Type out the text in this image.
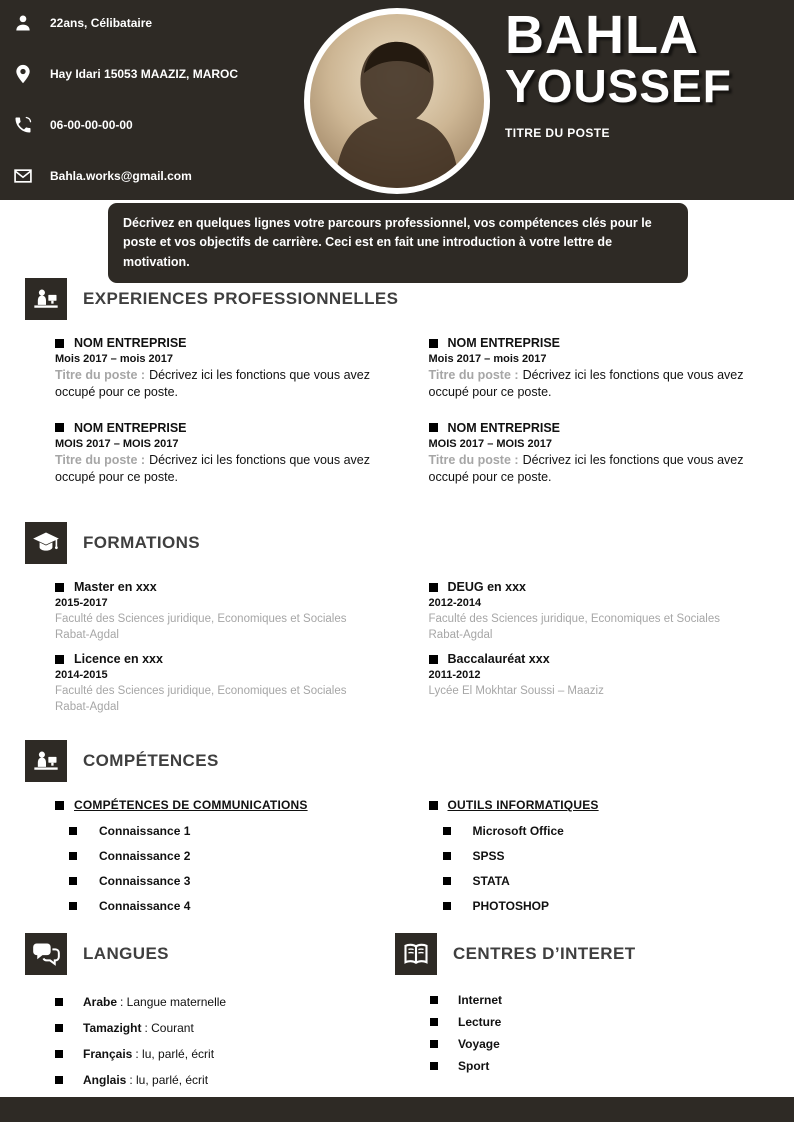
22ans, Célibataire
Hay Idari 15053 MAAZIZ, MAROC
06-00-00-00-00
Bahla.works@gmail.com
BAHLA
YOUSSEF
TITRE DU POSTE
Décrivez en quelques lignes votre parcours professionnel, vos compétences clés pour le poste et vos objectifs de carrière. Ceci est en fait une introduction à votre lettre de motivation.
EXPERIENCES PROFESSIONNELLES
NOM ENTREPRISE
Mois 2017 – mois 2017
Titre du poste : Décrivez ici les fonctions que vous avez occupé pour ce poste.
NOM ENTREPRISE
MOIS 2017 – MOIS 2017
Titre du poste : Décrivez ici les fonctions que vous avez occupé pour ce poste.
NOM ENTREPRISE
Mois 2017 – mois 2017
Titre du poste : Décrivez ici les fonctions que vous avez occupé pour ce poste.
NOM ENTREPRISE
MOIS 2017 – MOIS 2017
Titre du poste : Décrivez ici les fonctions que vous avez occupé pour ce poste.
FORMATIONS
Master en xxx
2015-2017
Faculté des Sciences juridique, Economiques et Sociales Rabat-Agdal
Licence en xxx
2014-2015
Faculté des Sciences juridique, Economiques et Sociales Rabat-Agdal
DEUG en xxx
2012-2014
Faculté des Sciences juridique, Economiques et Sociales Rabat-Agdal
Baccalauréat xxx
2011-2012
Lycée El Mokhtar Soussi – Maaziz
COMPÉTENCES
COMPÉTENCES DE COMMUNICATIONS
Connaissance 1
Connaissance 2
Connaissance 3
Connaissance 4
OUTILS INFORMATIQUES
Microsoft Office
SPSS
STATA
PHOTOSHOP
LANGUES
Arabe : Langue maternelle
Tamazight : Courant
Français : lu, parlé, écrit
Anglais : lu, parlé, écrit
CENTRES D’INTERET
Internet
Lecture
Voyage
Sport
